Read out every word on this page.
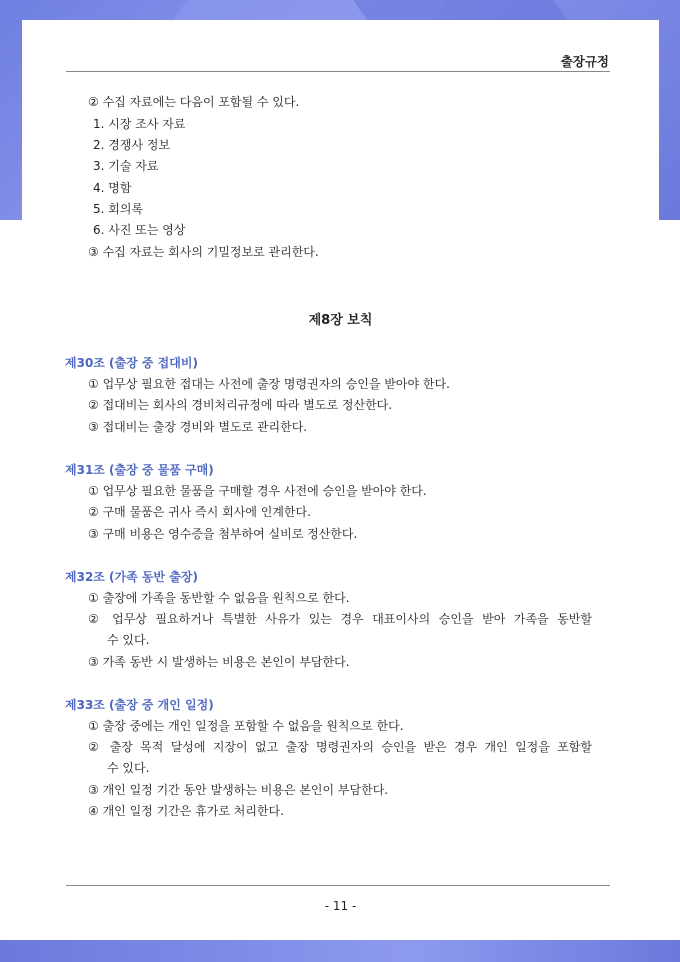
출장규정
② 수집 자료에는 다음이 포함될 수 있다.
1. 시장 조사 자료
2. 경쟁사 정보
3. 기술 자료
4. 명함
5. 회의록
6. 사진 또는 영상
③ 수집 자료는 회사의 기밀정보로 관리한다.
제8장 보칙
제30조 (출장 중 접대비)
① 업무상 필요한 접대는 사전에 출장 명령권자의 승인을 받아야 한다.
② 접대비는 회사의 경비처리규정에 따라 별도로 정산한다.
③ 접대비는 출장 경비와 별도로 관리한다.
제31조 (출장 중 물품 구매)
① 업무상 필요한 물품을 구매할 경우 사전에 승인을 받아야 한다.
② 구매 물품은 귀사 즉시 회사에 인계한다.
③ 구매 비용은 영수증을 첨부하여 실비로 정산한다.
제32조 (가족 동반 출장)
① 출장에 가족을 동반할 수 없음을 원칙으로 한다.
② 업무상 필요하거나 특별한 사유가 있는 경우 대표이사의 승인을 받아 가족을 동반할
수 있다.
③ 가족 동반 시 발생하는 비용은 본인이 부담한다.
제33조 (출장 중 개인 일정)
① 출장 중에는 개인 일정을 포함할 수 없음을 원칙으로 한다.
② 출장 목적 달성에 지장이 없고 출장 명령권자의 승인을 받은 경우 개인 일정을 포함할
수 있다.
③ 개인 일정 기간 동안 발생하는 비용은 본인이 부담한다.
④ 개인 일정 기간은 휴가로 처리한다.
- 11 -
